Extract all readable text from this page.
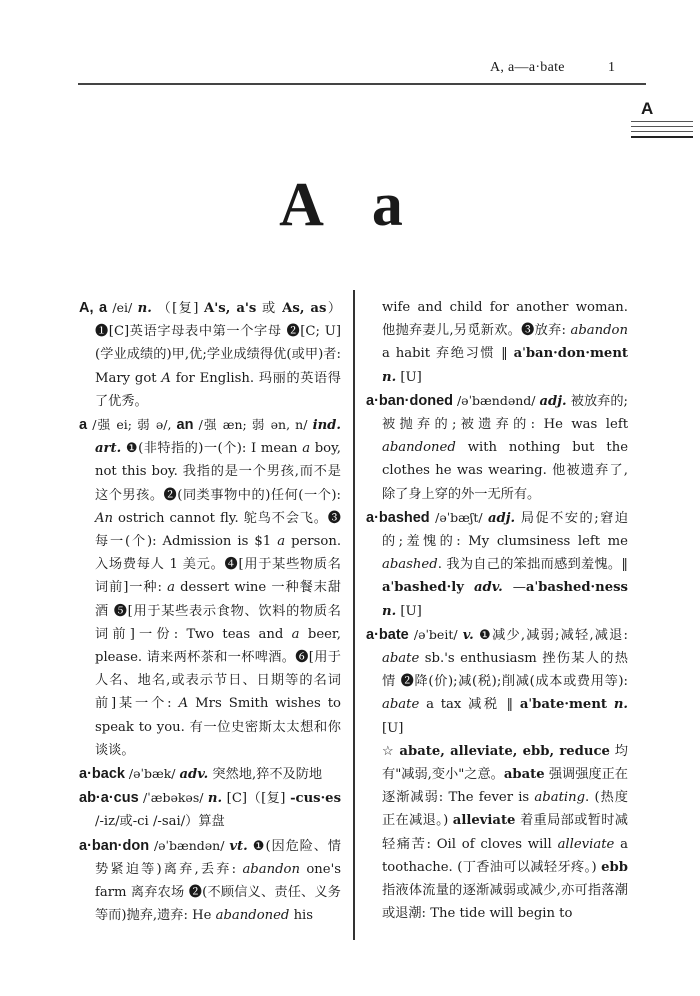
A, a—a·bate	1
A
A a

A, a /ei/ n. （[复] A's, a's 或 As, as） ❶[C]英语字母表中第一个字母 ❷[C; U](学业成绩的)甲,优;学业成绩得优(或甲)者: Mary got A for English. 玛丽的英语得了优秀。

a /强 ei; 弱 ə/, an /强 æn; 弱 ən, n/ ind. art. ❶(非特指的)一(个): I mean a boy, not this boy. 我指的是一个男孩,而不是这个男孩。❷(同类事物中的)任何(一个): An ostrich cannot fly. 鸵鸟不会飞。❸每一(个): Admission is $1 a person. 入场费每人 1 美元。❹[用于某些物质名词前]一种: a dessert wine 一种餐末甜酒 ❺[用于某些表示食物、饮料的物质名词前]一份: Two teas and a beer, please. 请来两杯茶和一杯啤酒。❻[用于人名、地名,或表示节日、日期等的名词前]某一个: A Mrs Smith wishes to speak to you. 有一位史密斯太太想和你谈谈。

a·back /əˈbæk/ adv. 突然地,猝不及防地

ab·a·cus /ˈæbəkəs/ n. [C]（[复] -cus·es /-iz/或-ci /-sai/）算盘

a·ban·don /əˈbændən/ vt. ❶(因危险、情势紧迫等)离弃,丢弃: abandon one's farm 离弃农场 ❷(不顾信义、责任、义务等而)抛弃,遗弃: He abandoned his

wife and child for another woman. 他抛弃妻儿,另觅新欢。❸放弃: abandon a habit 弃绝习惯 ‖ aˈban·don·ment n. [U]

a·ban·doned /əˈbændənd/ adj. 被放弃的;被抛弃的;被遗弃的: He was left abandoned with nothing but the clothes he was wearing. 他被遗弃了,除了身上穿的外一无所有。

a·bashed /əˈbæʃt/ adj. 局促不安的;窘迫的;羞愧的: My clumsiness left me abashed. 我为自己的笨拙而感到羞愧。‖ aˈbashed·ly adv. —aˈbashed·ness n. [U]

a·bate /əˈbeit/ v. ❶减少,减弱;减轻,减退: abate sb.'s enthusiasm 挫伤某人的热情 ❷降(价);减(税);削减(成本或费用等): abate a tax 减税 ‖ aˈbate·ment n. [U]

☆ abate, alleviate, ebb, reduce 均有"减弱,变小"之意。abate 强调强度正在逐渐减弱: The fever is abating. (热度正在减退。) alleviate 着重局部或暂时减轻痛苦: Oil of cloves will alleviate a toothache. (丁香油可以减轻牙疼。) ebb 指液体流量的逐渐减弱或减少,亦可指落潮或退潮: The tide will begin to
